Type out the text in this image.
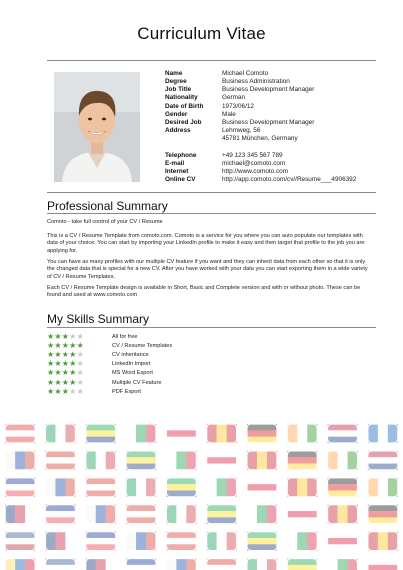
Curriculum Vitae
Name	Michael Comoto
Degree	Business Administration
Job Title	Business Development Manager
Nationality	German
Date of Birth	1973/06/12
Gender	Male
Desired Job	Business Development Manager
Address	Lehmweg, 56
45781 München, Germany

Telephone	+49 123 345 567 789
E-mail	michael@comoto.com
Internet	http://www.comoto.com
Online CV	http://app.comoto.com/cv//Resume___4906392
Professional Summary

Comoto - take full control of your CV / Resume

This is a CV / Resume Template from comoto.com. Comoto is a service for you where you can auto populate our templates with data of your choice. You can start by importing your LinkedIn profile to make it easy and then target that profile to the job you are applying for.

You can have as many profiles with our multiple CV feature if you want and they can inherit data from each other so that it is only the changed data that is special for a new CV. After you have worked with your data you can start exporting them in a wide variety of CV / Resume Templates.

Each CV / Resume Template design is available in Short, Basic and Complete version and with or without photo. These can be found and used at www.comoto.com

My Skills Summary
★ ★ ★ ★ ★	All for free
★ ★ ★ ★ ★	CV / Resume Templates
★ ★ ★ ★ ★	CV inheritance
★ ★ ★ ★ ★	LinkedIn Import
★ ★ ★ ★ ★	MS Word Export
★ ★ ★ ★ ★	Multiple CV Feature
★ ★ ★ ★ ★	PDF Export
